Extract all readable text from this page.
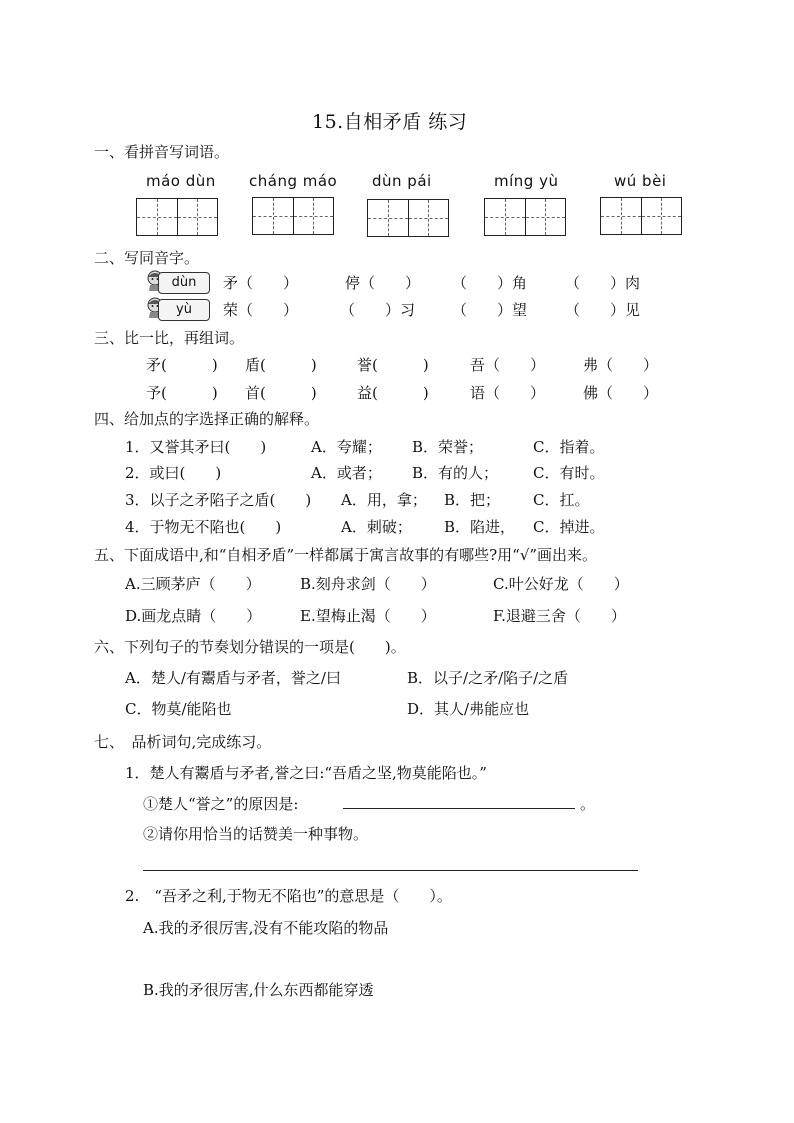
15.自相矛盾 练习
一、看拼音写词语。
máo dùn cháng máo dùn pái	míng yù	wú bèi
二、写同音字。
dùn	矛（　　）	停（　　） （　　）角	（　　）肉
yù	荣（　　）	（　　）习 （　　）望	（　　）见
三、比一比，再组词。
矛(　　　) 盾(　　　)	誉(　　　)	吾（　　）	弗（　　）
予(　　　) 首(　　　)	益(　　　)	语（　　）	佛（　　）
四、给加点的字选择正确的解释。
1．又誉其矛曰(　　)	A．夸耀； B．荣誉；	C．指着。
2．或曰(　　)	A．或者； B．有的人； C．有时。
3．以子之矛陷子之盾(　　) A．用，拿； B．把； C．扛。
4．于物无不陷也(　　)	A．刺破； B．陷进， C．掉进。
五、下面成语中,和“自相矛盾”一样都属于寓言故事的有哪些?用“√”画出来。
A.三顾茅庐（　　）	B.刻舟求剑（　　）	C.叶公好龙（　　）
D.画龙点睛（　　）	E.望梅止渴（　　）	F.退避三舍（　　）
六、下列句子的节奏划分错误的一项是(　　)。
A．楚人/有鬻盾与矛者，誉之/曰	B．以子/之矛/陷子/之盾
C．物莫/能陷也	D．其人/弗能应也
七、　品析词句,完成练习。
1．楚人有鬻盾与矛者,誉之曰:“吾盾之坚,物莫能陷也。”
①楚人“誉之”的原因是:	。
②请你用恰当的话赞美一种事物。
2.　“吾矛之利,于物无不陷也”的意思是（　　）。
A.我的矛很厉害,没有不能攻陷的物品
B.我的矛很厉害,什么东西都能穿透
